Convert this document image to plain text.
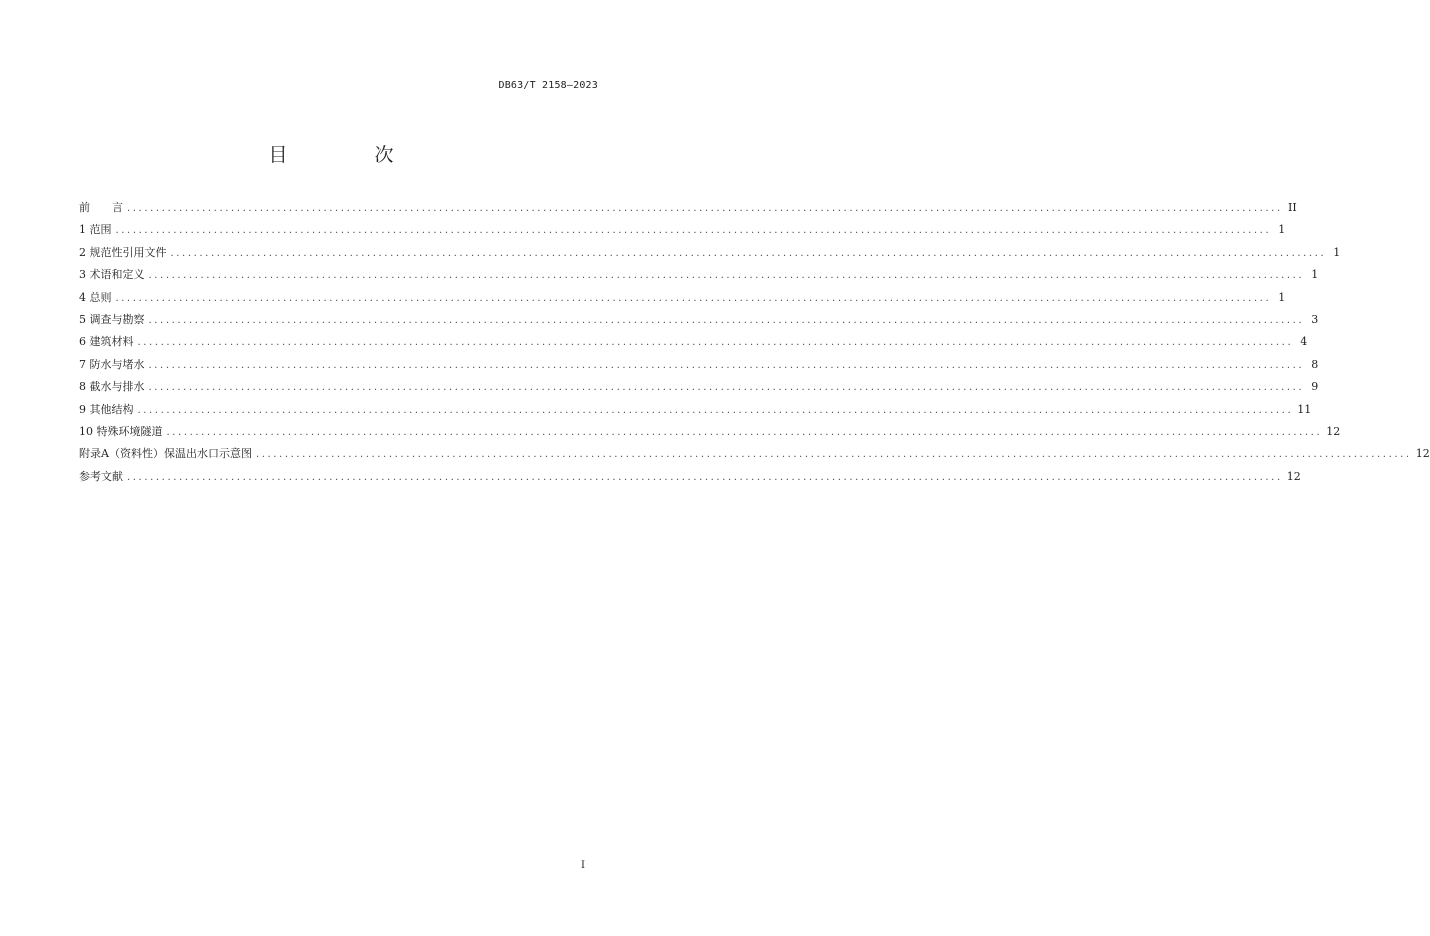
DB63/T 2158—2023
目　次
前　　言 ........................................................................................................................................................................................................ II
1 范围 ........................................................................................................................................................................................................ 1
2 规范性引用文件 ........................................................................................................................................................................................................ 1
3 术语和定义 ........................................................................................................................................................................................................ 1
4 总则 ........................................................................................................................................................................................................ 1
5 调查与勘察 ........................................................................................................................................................................................................ 3
6 建筑材料 ........................................................................................................................................................................................................ 4
7 防水与堵水 ........................................................................................................................................................................................................ 8
8 截水与排水 ........................................................................................................................................................................................................ 9
9 其他结构 ........................................................................................................................................................................................................ 11
10 特殊环境隧道 ........................................................................................................................................................................................................ 12
附录A（资料性）保温出水口示意图 ........................................................................................................................................................................................................ 12
参考文献 ........................................................................................................................................................................................................ 12
I
